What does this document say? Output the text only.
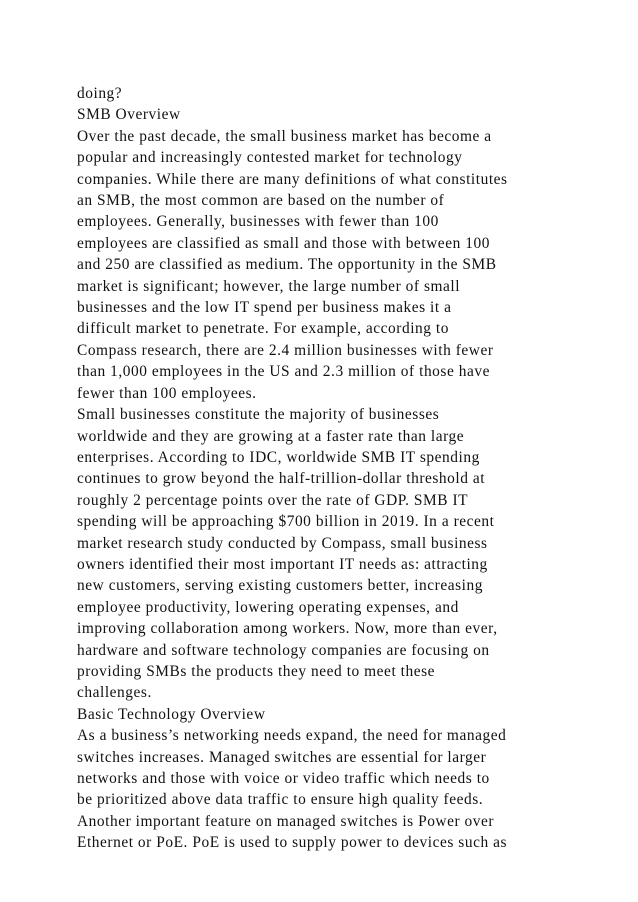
doing?
SMB Overview
Over the past decade, the small business market has become a
popular and increasingly contested market for technology
companies. While there are many definitions of what constitutes
an SMB, the most common are based on the number of
employees. Generally, businesses with fewer than 100
employees are classified as small and those with between 100
and 250 are classified as medium. The opportunity in the SMB
market is significant; however, the large number of small
businesses and the low IT spend per business makes it a
difficult market to penetrate. For example, according to
Compass research, there are 2.4 million businesses with fewer
than 1,000 employees in the US and 2.3 million of those have
fewer than 100 employees.
Small businesses constitute the majority of businesses
worldwide and they are growing at a faster rate than large
enterprises. According to IDC, worldwide SMB IT spending
continues to grow beyond the half-trillion-dollar threshold at
roughly 2 percentage points over the rate of GDP. SMB IT
spending will be approaching $700 billion in 2019. In a recent
market research study conducted by Compass, small business
owners identified their most important IT needs as: attracting
new customers, serving existing customers better, increasing
employee productivity, lowering operating expenses, and
improving collaboration among workers. Now, more than ever,
hardware and software technology companies are focusing on
providing SMBs the products they need to meet these
challenges.
Basic Technology Overview
As a business’s networking needs expand, the need for managed
switches increases. Managed switches are essential for larger
networks and those with voice or video traffic which needs to
be prioritized above data traffic to ensure high quality feeds.
Another important feature on managed switches is Power over
Ethernet or PoE. PoE is used to supply power to devices such as
